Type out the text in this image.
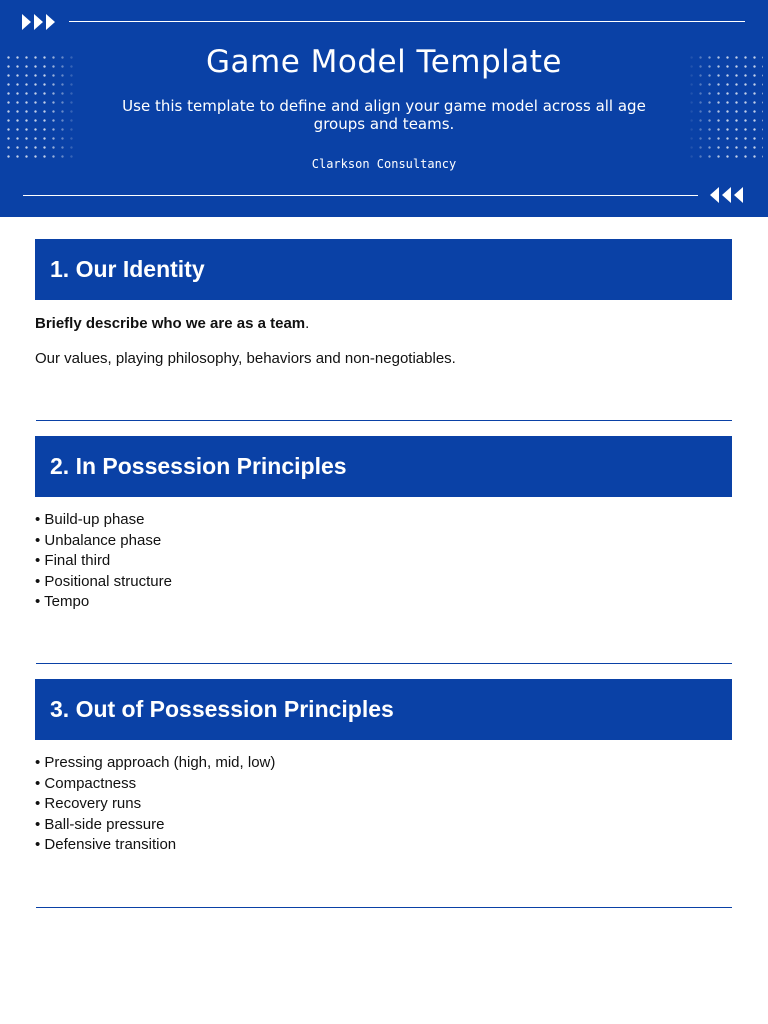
Game Model Template
Use this template to define and align your game model across all age groups and teams.
Clarkson Consultancy
1. Our Identity

Briefly describe who we are as a team.

Our values, playing philosophy, behaviors and non-negotiables.

2. In Possession Principles
• Build-up phase
• Unbalance phase
• Final third
• Positional structure
• Tempo
3. Out of Possession Principles
• Pressing approach (high, mid, low)
• Compactness
• Recovery runs
• Ball-side pressure
• Defensive transition
